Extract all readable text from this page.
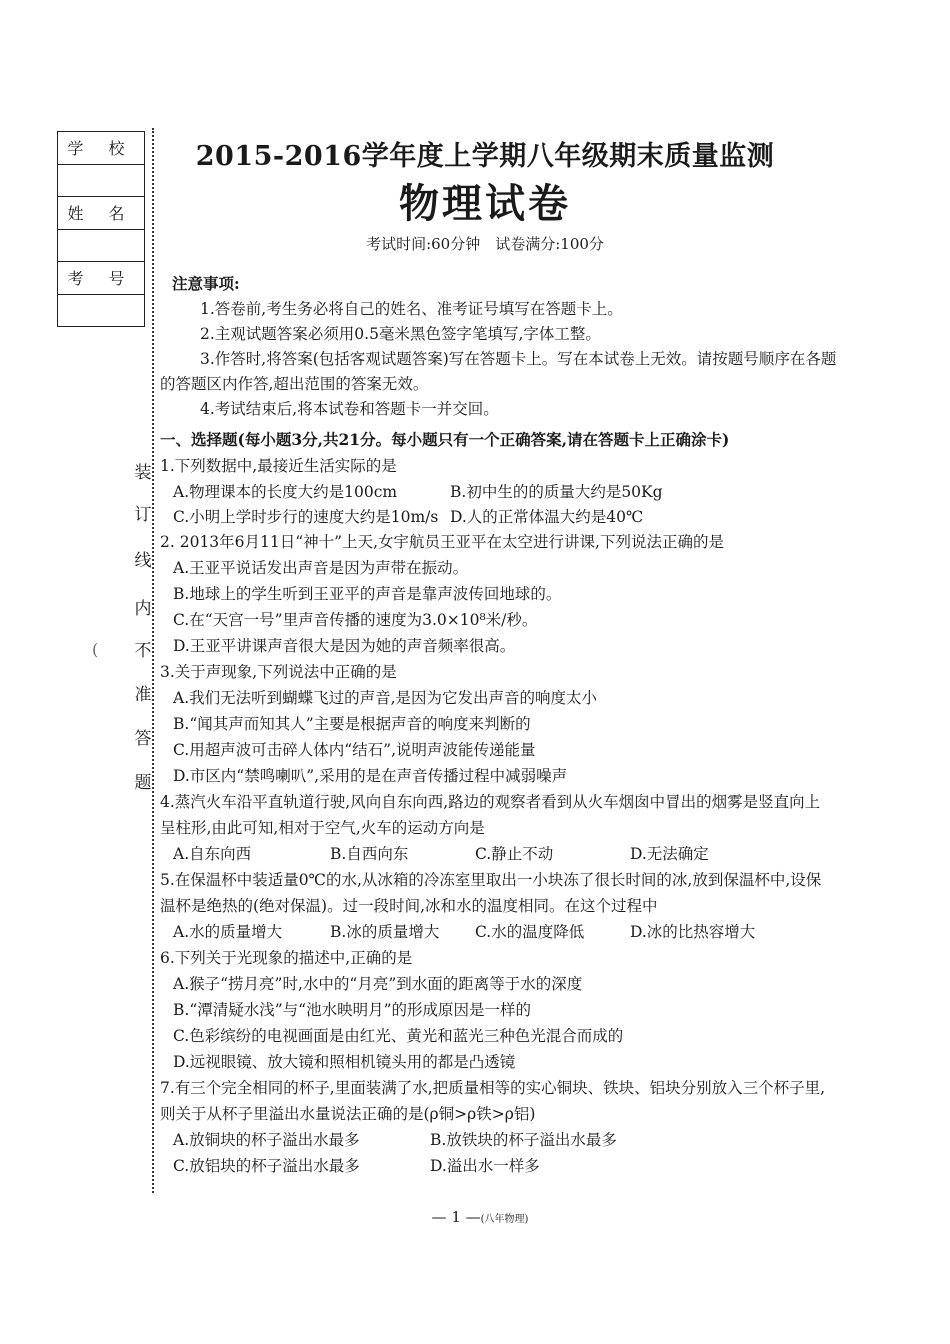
学 校

姓 名

考 号

装
订
线
内
不
准
答
题
(
2015-2016学年度上学期八年级期末质量监测
物理试卷
考试时间:60分钟　试卷满分:100分
注意事项:
1.答卷前,考生务必将自己的姓名、准考证号填写在答题卡上。
2.主观试题答案必须用0.5毫米黑色签字笔填写,字体工整。
3.作答时,将答案(包括客观试题答案)写在答题卡上。写在本试卷上无效。请按题号顺序在各题
的答题区内作答,超出范围的答案无效。
4.考试结束后,将本试卷和答题卡一并交回。
一、选择题(每小题3分,共21分。每小题只有一个正确答案,请在答题卡上正确涂卡)
1.下列数据中,最接近生活实际的是
A.物理课本的长度大约是100cm	B.初中生的的质量大约是50Kg
C.小明上学时步行的速度大约是10m/s D.人的正常体温大约是40℃
2. 2013年6月11日“神十”上天,女宇航员王亚平在太空进行讲课,下列说法正确的是
A.王亚平说话发出声音是因为声带在振动。
B.地球上的学生听到王亚平的声音是靠声波传回地球的。
C.在“天宫一号”里声音传播的速度为3.0×10⁸米/秒。
D.王亚平讲课声音很大是因为她的声音频率很高。
3.关于声现象,下列说法中正确的是
A.我们无法听到蝴蝶飞过的声音,是因为它发出声音的响度太小
B.“闻其声而知其人”主要是根据声音的响度来判断的
C.用超声波可击碎人体内“结石”,说明声波能传递能量
D.市区内“禁鸣喇叭”,采用的是在声音传播过程中减弱噪声
4.蒸汽火车沿平直轨道行驶,风向自东向西,路边的观察者看到从火车烟囱中冒出的烟雾是竖直向上
呈柱形,由此可知,相对于空气,火车的运动方向是
A.自东向西	B.自西向东	C.静止不动	D.无法确定
5.在保温杯中装适量0℃的水,从冰箱的冷冻室里取出一小块冻了很长时间的冰,放到保温杯中,设保
温杯是绝热的(绝对保温)。过一段时间,冰和水的温度相同。在这个过程中
A.水的质量增大	B.冰的质量增大 C.水的温度降低	D.冰的比热容增大
6.下列关于光现象的描述中,正确的是
A.猴子“捞月亮”时,水中的“月亮”到水面的距离等于水的深度
B.“潭清疑水浅”与“池水映明月”的形成原因是一样的
C.色彩缤纷的电视画面是由红光、黄光和蓝光三种色光混合而成的
D.远视眼镜、放大镜和照相机镜头用的都是凸透镜
7.有三个完全相同的杯子,里面装满了水,把质量相等的实心铜块、铁块、铝块分别放入三个杯子里,
则关于从杯子里溢出水量说法正确的是(ρ铜>ρ铁>ρ铝)
A.放铜块的杯子溢出水最多	B.放铁块的杯子溢出水最多
C.放铝块的杯子溢出水最多	D.溢出水一样多
— 1 —(八年物理)
